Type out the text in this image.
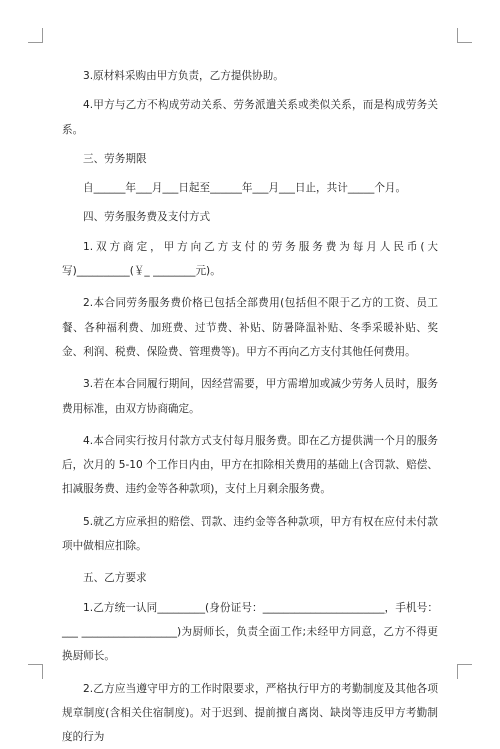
3.原材料采购由甲方负责，乙方提供协助。

4.甲方与乙方不构成劳动关系、劳务派遣关系或类似关系，而是构成劳务关系。

三、劳务期限

自______年___月___日起至______年___月___日止，共计_____个月。

四、劳务服务费及支付方式

1.双方商定，甲方向乙方支付的劳务服务费为每月人民币(大写)__________(￥_ ________元)。

2.本合同劳务服务费价格已包括全部费用(包括但不限于乙方的工资、员工餐、各种福利费、加班费、过节费、补贴、防暑降温补贴、冬季采暖补贴、奖金、利润、税费、保险费、管理费等)。甲方不再向乙方支付其他任何费用。

3.若在本合同履行期间，因经营需要，甲方需增加或减少劳务人员时，服务费用标准，由双方协商确定。

4.本合同实行按月付款方式支付每月服务费。即在乙方提供满一个月的服务后，次月的 5-10 个工作日内由，甲方在扣除相关费用的基础上(含罚款、赔偿、扣减服务费、违约金等各种款项)，支付上月剩余服务费。

5.就乙方应承担的赔偿、罚款、违约金等各种款项，甲方有权在应付未付款项中做相应扣除。

五、乙方要求

1.乙方统一认同_________(身份证号：_______________________，手机号：___ __________________)为厨师长，负责全面工作;未经甲方同意，乙方不得更换厨师长。

2.乙方应当遵守甲方的工作时限要求，严格执行甲方的考勤制度及其他各项规章制度(含相关住宿制度)。对于迟到、提前擅自离岗、缺岗等违反甲方考勤制度的行为
